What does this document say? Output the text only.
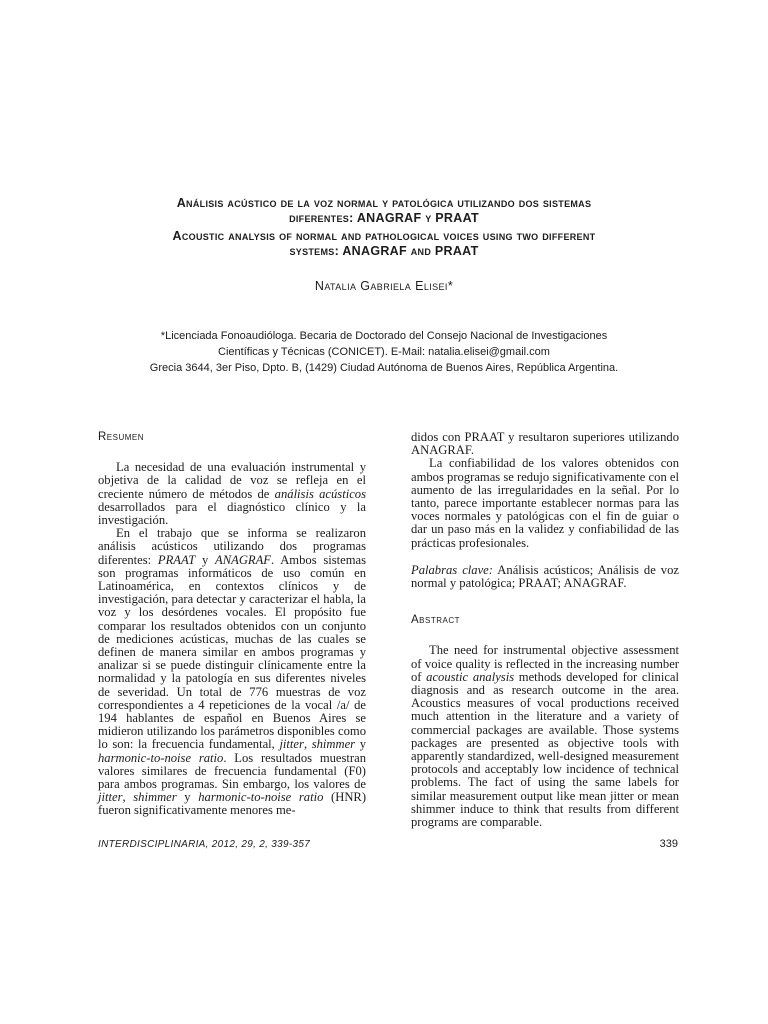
Análisis acústico de la voz normal y patológica utilizando dos sistemas
diferentes: ANAGRAF y PRAAT
Acoustic analysis of normal and pathological voices using two different
systems: ANAGRAF and PRAAT
Natalia Gabriela Elisei*
*Licenciada Fonoaudióloga. Becaria de Doctorado del Consejo Nacional de Investigaciones
Científicas y Técnicas (CONICET). E-Mail: natalia.elisei@gmail.com
Grecia 3644, 3er Piso, Dpto. B, (1429) Ciudad Autónoma de Buenos Aires, República Argentina.
Resumen

La necesidad de una evaluación instrumental y objetiva de la calidad de voz se refleja en el creciente número de métodos de análisis acústicos desarrollados para el diagnóstico clínico y la investigación.

En el trabajo que se informa se realizaron análisis acústicos utilizando dos programas diferentes: PRAAT y ANAGRAF. Ambos sistemas son programas informáticos de uso común en Latinoamérica, en contextos clínicos y de investigación, para detectar y caracterizar el habla, la voz y los desórdenes vocales. El propósito fue comparar los resultados obtenidos con un conjunto de mediciones acústicas, muchas de las cuales se definen de manera similar en ambos programas y analizar si se puede distinguir clínicamente entre la normalidad y la patología en sus diferentes niveles de severidad. Un total de 776 muestras de voz correspondientes a 4 repeticiones de la vocal /a/ de 194 hablantes de español en Buenos Aires se midieron utilizando los parámetros disponibles como lo son: la frecuencia fundamental, jitter, shimmer y harmonic-to-noise ratio. Los resultados muestran valores similares de frecuencia fundamental (F0) para ambos programas. Sin embargo, los valores de jitter, shimmer y harmonic-to-noise ratio (HNR) fueron significativamente menores me-

didos con PRAAT y resultaron superiores utilizando ANAGRAF.

La confiabilidad de los valores obtenidos con ambos programas se redujo significativamente con el aumento de las irregularidades en la señal. Por lo tanto, parece importante establecer normas para las voces normales y patológicas con el fin de guiar o dar un paso más en la validez y confiabilidad de las prácticas profesionales.

Palabras clave: Análisis acústicos; Análisis de voz normal y patológica; PRAAT; ANAGRAF.

Abstract

The need for instrumental objective assessment of voice quality is reflected in the increasing number of acoustic analysis methods developed for clinical diagnosis and as research outcome in the area. Acoustics measures of vocal productions received much attention in the literature and a variety of commercial packages are available. Those systems packages are presented as objective tools with apparently standardized, well-designed measurement protocols and acceptably low incidence of technical problems. The fact of using the same labels for similar measurement output like mean jitter or mean shimmer induce to think that results from different programs are comparable.

INTERDISCIPLINARIA, 2012, 29, 2, 339-357	339
